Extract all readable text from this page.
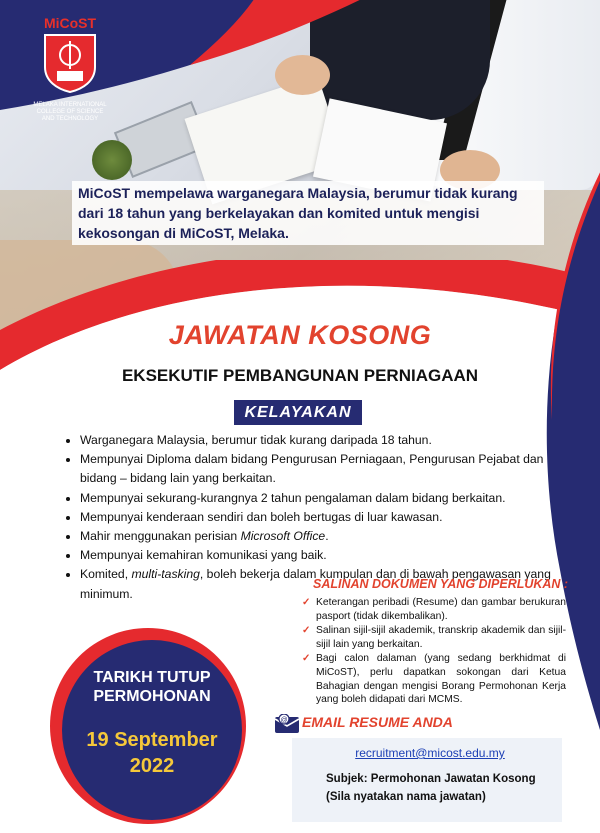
MiCoST
MELAKA INTERNATIONAL
COLLEGE OF SCIENCE
AND TECHNOLOGY
MiCoST mempelawa warganegara Malaysia, berumur tidak kurang dari 18 tahun yang berkelayakan dan komited untuk mengisi kekosongan di MiCoST, Melaka.
JAWATAN KOSONG
EKSEKUTIF PEMBANGUNAN PERNIAGAAN
KELAYAKAN
• Warganegara Malaysia, berumur tidak kurang daripada 18 tahun.
• Mempunyai Diploma dalam bidang Pengurusan Perniagaan, Pengurusan Pejabat dan bidang – bidang lain yang berkaitan.
• Mempunyai sekurang-kurangnya 2 tahun pengalaman dalam bidang berkaitan.
• Mempunyai kenderaan sendiri dan boleh bertugas di luar kawasan.
• Mahir menggunakan perisian Microsoft Office.
• Mempunyai kemahiran komunikasi yang baik.
• Komited, multi-tasking, boleh bekerja dalam kumpulan dan di bawah pengawasan yang minimum.
SALINAN DOKUMEN YANG DIPERLUKAN :
✓ Keterangan peribadi (Resume) dan gambar berukuran pasport (tidak dikembalikan).
✓ Salinan sijil-sijil akademik, transkrip akademik dan sijil-sijil lain yang berkaitan.
✓ Bagi calon dalaman (yang sedang berkhidmat di MiCoST), perlu dapatkan sokongan dari Ketua Bahagian dengan mengisi Borang Permohonan Kerja yang boleh didapati dari MCMS.
TARIKH TUTUP
PERMOHONAN
19 September
2022
@ EMAIL RESUME ANDA
recruitment@micost.edu.my
Subjek: Permohonan Jawatan Kosong
(Sila nyatakan nama jawatan)
